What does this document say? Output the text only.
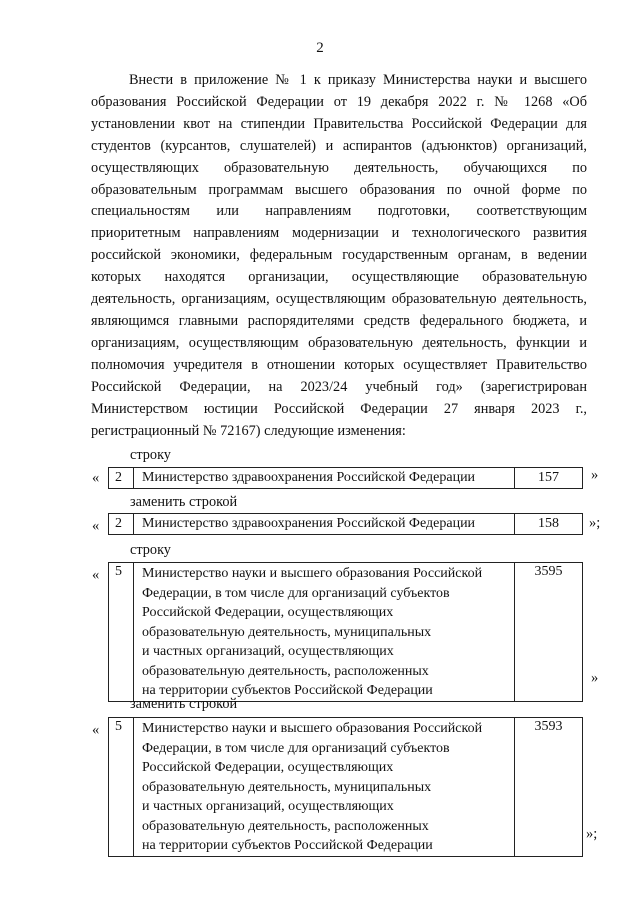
2
Внести в приложение № 1 к приказу Министерства науки и высшего образования Российской Федерации от 19 декабря 2022 г. № 1268 «Об установлении квот на стипендии Правительства Российской Федерации для студентов (курсантов, слушателей) и аспирантов (адъюнктов) организаций, осуществляющих образовательную деятельность, обучающихся по образовательным программам высшего образования по очной форме по специальностям или направлениям подготовки, соответствующим приоритетным направлениям модернизации и технологического развития российской экономики, федеральным государственным органам, в ведении которых находятся организации, осуществляющие образовательную деятельность, организациям, осуществляющим образовательную деятельность, являющимся главными распорядителями средств федерального бюджета, и организациям, осуществляющим образовательную деятельность, функции и полномочия учредителя в отношении которых осуществляет Правительство Российской Федерации, на 2023/24 учебный год» (зарегистрирован Министерством юстиции Российской Федерации 27 января 2023 г., регистрационный № 72167) следующие изменения:
строку
« 2	Министерство здравоохранения Российской Федерации	157 »
заменить строкой
« 2	Министерство здравоохранения Российской Федерации	158 »;
строку
« 5	Министерство науки и высшего образования Российской
Федерации, в том числе для организаций субъектов
Российской Федерации, осуществляющих
образовательную деятельность, муниципальных
и частных организаций, осуществляющих
образовательную деятельность, расположенных
на территории субъектов Российской Федерации
	3595
»
заменить строкой
« 5	Министерство науки и высшего образования Российской
Федерации, в том числе для организаций субъектов
Российской Федерации, осуществляющих
образовательную деятельность, муниципальных
и частных организаций, осуществляющих
образовательную деятельность, расположенных
на территории субъектов Российской Федерации
	3593
»;
